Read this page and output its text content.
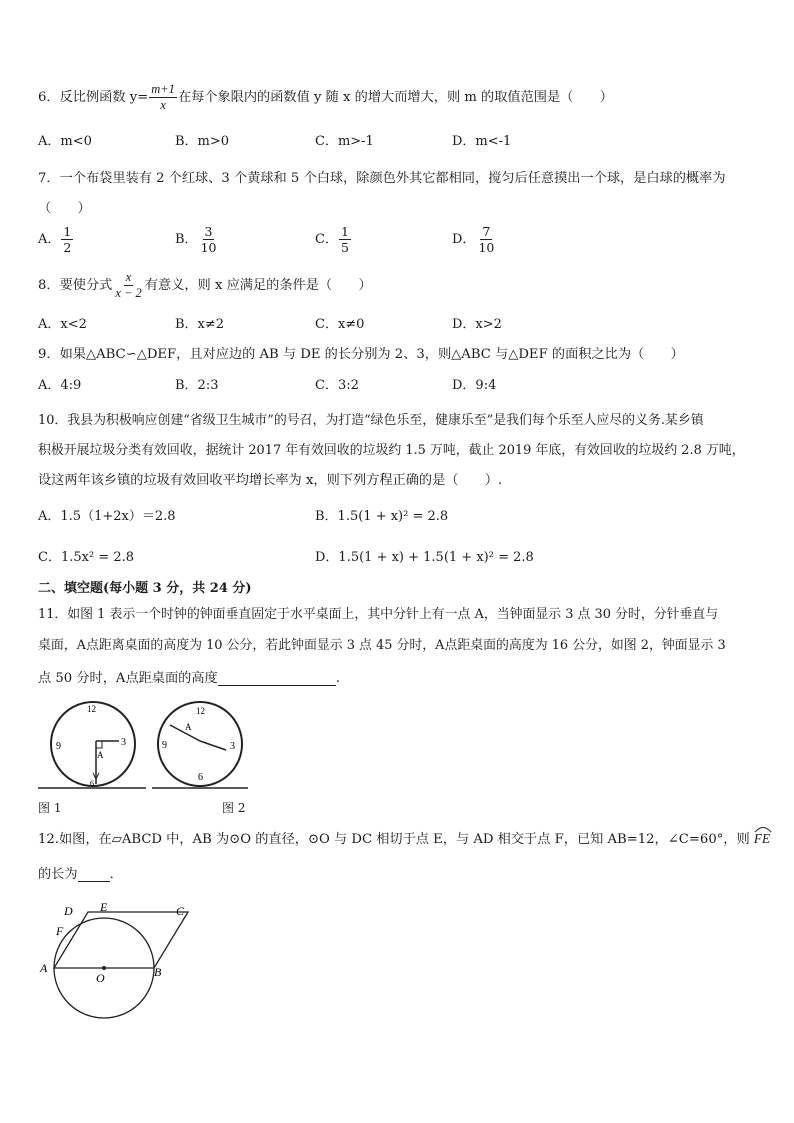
6．反比例函数 $y= \frac{m+1}{x}$ 在每个象限内的函数值 y 随 x 的增大而增大，则 m 的取值范围是（　　）
A．m<0	B．m>0	C．m>-1	D．m<-1
7．一个布袋里装有 2 个红球、3 个黄球和 5 个白球，除颜色外其它都相同，搅匀后任意摸出一个球，是白球的概率为
（　　）
A． $\frac{1}{2}$	B． $\frac{3}{10}$	C． $\frac{1}{5}$	D． $\frac{7}{10}$
8．要使分式 $\frac{x}{x - 2}$ 有意义，则 x 应满足的条件是（　　）
A．x<2	B．x≠2	C．x≠0	D．x>2
9．如果△ABC∽△DEF，且对应边的 AB 与 DE 的长分别为 2、3，则△ABC 与△DEF 的面积之比为（　　）
A．4:9	B．2:3	C．3:2	D．9:4
10．我县为积极响应创建“省级卫生城市”的号召，为打造“绿色乐至，健康乐至”是我们每个乐至人应尽的义务.某乡镇
积极开展垃圾分类有效回收，据统计 2017 年有效回收的垃圾约 1.5 万吨，截止 2019 年底，有效回收的垃圾约 2.8 万吨，
设这两年该乡镇的垃圾有效回收平均增长率为 x，则下列方程正确的是（　　）.
A．1.5（1+2x）＝2.8	B．1.5(1 + x)² = 2.8
C．1.5x² = 2.8	D．1.5(1 + x) + 1.5(1 + x)² = 2.8
二、填空题(每小题 3 分，共 24 分)
11．如图 1 表示一个时钟的钟面垂直固定于水平桌面上，其中分针上有一点 A，当钟面显示 3 点 30 分时，分针垂直与
桌面，A点距离桌面的高度为 10 公分，若此钟面显示 3 点 45 分时，A点距桌面的高度为 16 公分，如图 2，钟面显示 3
点 50 分时，A点距桌面的高度	.
12
3
9
6
A
图 1
12
3
9
6
A
图 2
12.如图，在▱ABCD 中，AB 为⊙O 的直径，⊙O 与 DC 相切于点 E，与 AD 相交于点 F，已知 AB=12，∠C=60°，则 FE
的长为 ．
D E	C
F
A	B
O
